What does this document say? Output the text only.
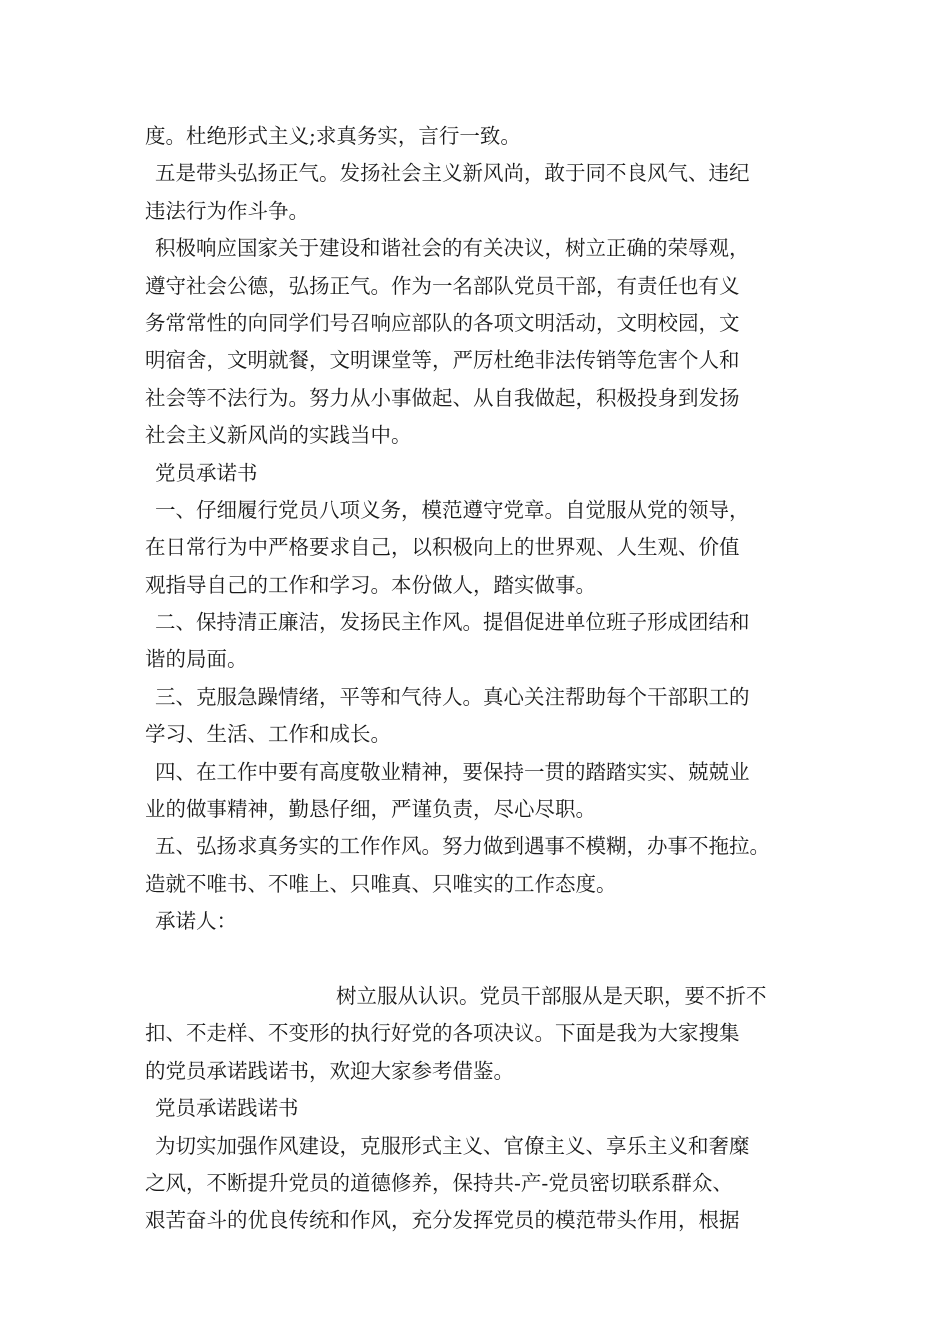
度。杜绝形式主义;求真务实，言行一致。
五是带头弘扬正气。发扬社会主义新风尚，敢于同不良风气、违纪
违法行为作斗争。
积极响应国家关于建设和谐社会的有关决议，树立正确的荣辱观，
遵守社会公德，弘扬正气。作为一名部队党员干部，有责任也有义
务常常性的向同学们号召响应部队的各项文明活动，文明校园，文
明宿舍，文明就餐，文明课堂等，严厉杜绝非法传销等危害个人和
社会等不法行为。努力从小事做起、从自我做起，积极投身到发扬
社会主义新风尚的实践当中。
党员承诺书
一、仔细履行党员八项义务，模范遵守党章。自觉服从党的领导，
在日常行为中严格要求自己，以积极向上的世界观、人生观、价值
观指导自己的工作和学习。本份做人，踏实做事。
二、保持清正廉洁，发扬民主作风。提倡促进单位班子形成团结和
谐的局面。
三、克服急躁情绪，平等和气待人。真心关注帮助每个干部职工的
学习、生活、工作和成长。
四、在工作中要有高度敬业精神，要保持一贯的踏踏实实、兢兢业
业的做事精神，勤恳仔细，严谨负责，尽心尽职。
五、弘扬求真务实的工作作风。努力做到遇事不模糊，办事不拖拉。
造就不唯书、不唯上、只唯真、只唯实的工作态度。
承诺人：
树立服从认识。党员干部服从是天职，要不折不
扣、不走样、不变形的执行好党的各项决议。下面是我为大家搜集
的党员承诺践诺书，欢迎大家参考借鉴。
党员承诺践诺书
为切实加强作风建设，克服形式主义、官僚主义、享乐主义和奢糜
之风，不断提升党员的道德修养，保持共-产-党员密切联系群众、
艰苦奋斗的优良传统和作风，充分发挥党员的模范带头作用，根据
